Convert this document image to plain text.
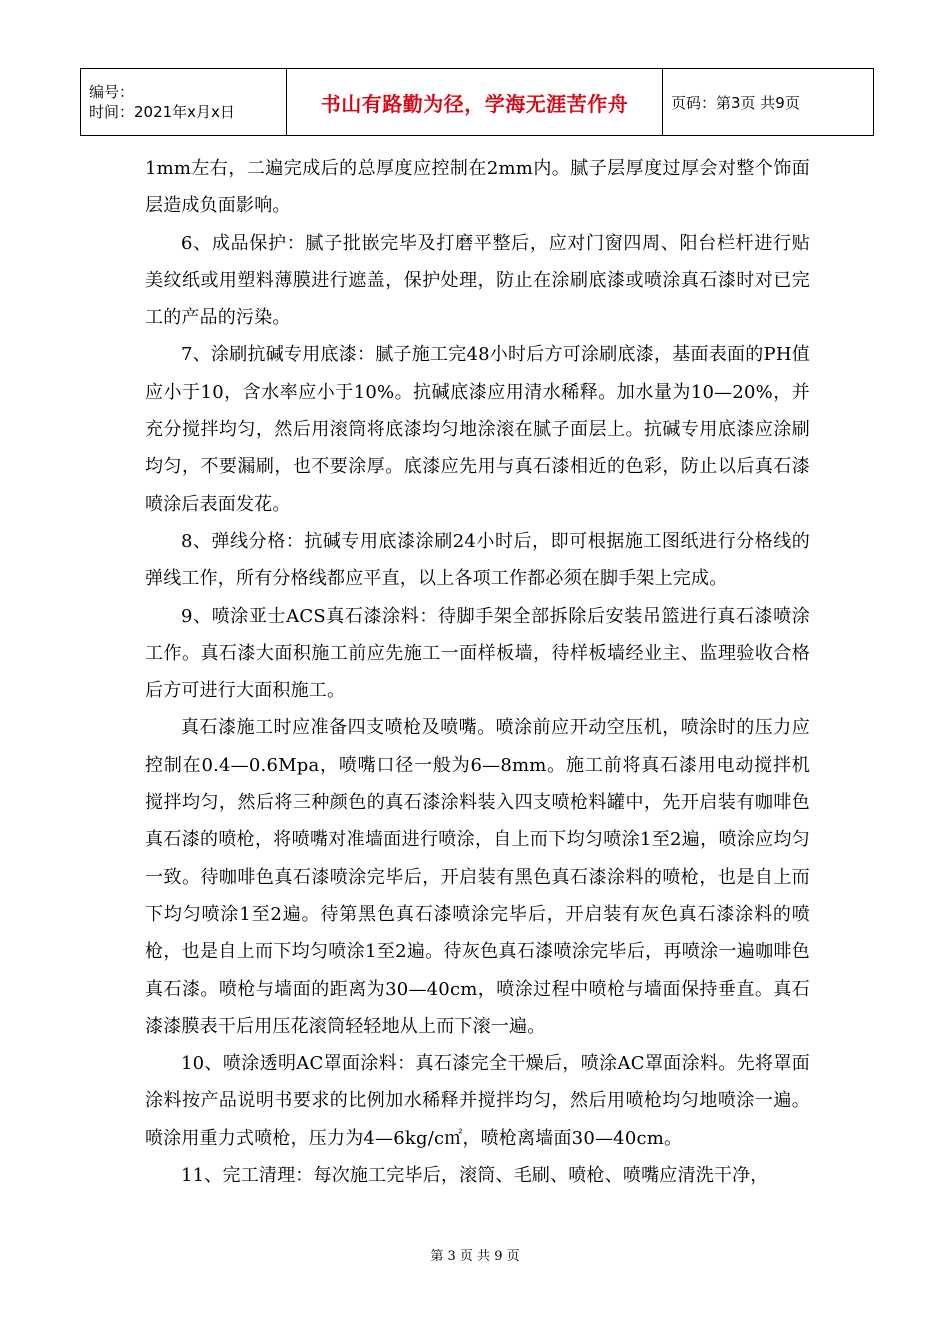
编号：
时间：2021年x月x日	书山有路勤为径，学海无涯苦作舟	页码：第3页 共9页

1mm左右，二遍完成后的总厚度应控制在2mm内。腻子层厚度过厚会对整个饰面层造成负面影响。

6、成品保护：腻子批嵌完毕及打磨平整后，应对门窗四周、阳台栏杆进行贴美纹纸或用塑料薄膜进行遮盖，保护处理，防止在涂刷底漆或喷涂真石漆时对已完工的产品的污染。

7、涂刷抗碱专用底漆：腻子施工完48小时后方可涂刷底漆，基面表面的PH值应小于10，含水率应小于10%。抗碱底漆应用清水稀释。加水量为10—20%，并充分搅拌均匀，然后用滚筒将底漆均匀地涂滚在腻子面层上。抗碱专用底漆应涂刷均匀，不要漏刷，也不要涂厚。底漆应先用与真石漆相近的色彩，防止以后真石漆喷涂后表面发花。

8、弹线分格：抗碱专用底漆涂刷24小时后，即可根据施工图纸进行分格线的弹线工作，所有分格线都应平直，以上各项工作都必须在脚手架上完成。

9、喷涂亚士ACS真石漆涂料：待脚手架全部拆除后安装吊篮进行真石漆喷涂工作。真石漆大面积施工前应先施工一面样板墙，待样板墙经业主、监理验收合格后方可进行大面积施工。

真石漆施工时应准备四支喷枪及喷嘴。喷涂前应开动空压机，喷涂时的压力应控制在0.4—0.6Mpa，喷嘴口径一般为6—8mm。施工前将真石漆用电动搅拌机搅拌均匀，然后将三种颜色的真石漆涂料装入四支喷枪料罐中，先开启装有咖啡色真石漆的喷枪，将喷嘴对准墙面进行喷涂，自上而下均匀喷涂1至2遍，喷涂应均匀一致。待咖啡色真石漆喷涂完毕后，开启装有黑色真石漆涂料的喷枪，也是自上而下均匀喷涂1至2遍。待第黑色真石漆喷涂完毕后，开启装有灰色真石漆涂料的喷枪，也是自上而下均匀喷涂1至2遍。待灰色真石漆喷涂完毕后，再喷涂一遍咖啡色真石漆。喷枪与墙面的距离为30—40cm，喷涂过程中喷枪与墙面保持垂直。真石漆漆膜表干后用压花滚筒轻轻地从上而下滚一遍。

10、喷涂透明AC罩面涂料：真石漆完全干燥后，喷涂AC罩面涂料。先将罩面涂料按产品说明书要求的比例加水稀释并搅拌均匀，然后用喷枪均匀地喷涂一遍。喷涂用重力式喷枪，压力为4—6kg/c㎡，喷枪离墙面30—40cm。

11、完工清理：每次施工完毕后，滚筒、毛刷、喷枪、喷嘴应清洗干净，

第 3 页 共 9 页
